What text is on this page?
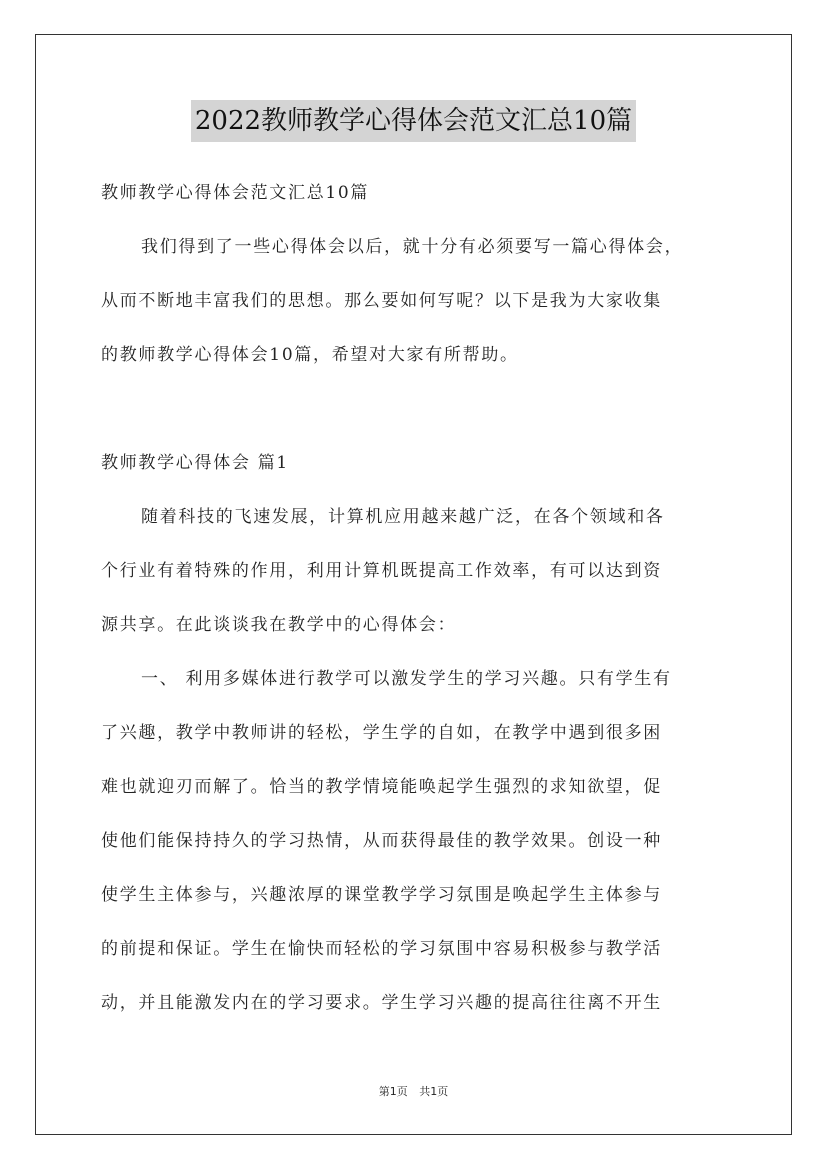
2022教师教学心得体会范文汇总10篇
教师教学心得体会范文汇总10篇
我们得到了一些心得体会以后，就十分有必须要写一篇心得体会，
从而不断地丰富我们的思想。那么要如何写呢？以下是我为大家收集
的教师教学心得体会10篇，希望对大家有所帮助。
教师教学心得体会 篇1
随着科技的飞速发展，计算机应用越来越广泛，在各个领域和各
个行业有着特殊的作用，利用计算机既提高工作效率，有可以达到资
源共享。在此谈谈我在教学中的心得体会：
一、 利用多媒体进行教学可以激发学生的学习兴趣。只有学生有
了兴趣，教学中教师讲的轻松，学生学的自如，在教学中遇到很多困
难也就迎刃而解了。恰当的教学情境能唤起学生强烈的求知欲望，促
使他们能保持持久的学习热情，从而获得最佳的教学效果。创设一种
使学生主体参与，兴趣浓厚的课堂教学学习氛围是唤起学生主体参与
的前提和保证。学生在愉快而轻松的学习氛围中容易积极参与教学活
动，并且能激发内在的学习要求。学生学习兴趣的提高往往离不开生
第1页 共1页
